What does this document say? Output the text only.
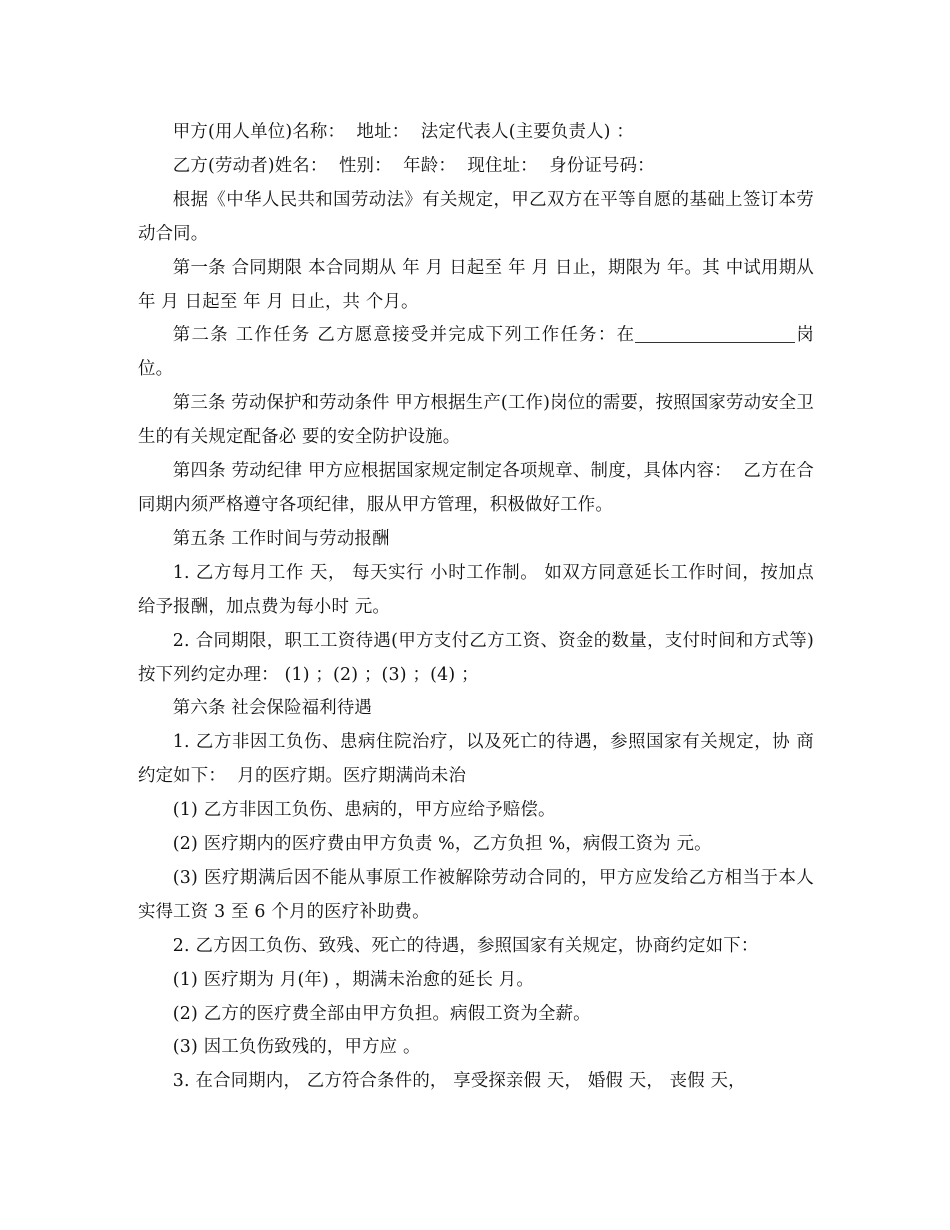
甲方(用人单位)名称：  地址：  法定代表人(主要负责人) ：

乙方(劳动者)姓名：  性别：  年龄：  现住址：  身份证号码：

根据《中华人民共和国劳动法》有关规定，甲乙双方在平等自愿的基础上签订本劳动合同。

第一条 合同期限 本合同期从 年 月 日起至 年 月 日止，期限为 年。其 中试用期从 年 月 日起至 年 月 日止，共 个月。

第二条 工作任务 乙方愿意接受并完成下列工作任务：在	岗位。

第三条 劳动保护和劳动条件 甲方根据生产(工作)岗位的需要，按照国家劳动安全卫生的有关规定配备必 要的安全防护设施。

第四条 劳动纪律 甲方应根据国家规定制定各项规章、制度，具体内容：  乙方在合同期内须严格遵守各项纪律，服从甲方管理，积极做好工作。

第五条 工作时间与劳动报酬

1. 乙方每月工作 天， 每天实行 小时工作制。 如双方同意延长工作时间，按加点给予报酬，加点费为每小时 元。

2. 合同期限，职工工资待遇(甲方支付乙方工资、资金的数量，支付时间和方式等)按下列约定办理： (1) ；(2) ；(3) ；(4) ；

第六条 社会保险福利待遇

1. 乙方非因工负伤、患病住院治疗，以及死亡的待遇，参照国家有关规定，协 商约定如下：  月的医疗期。医疗期满尚未治

(1) 乙方非因工负伤、患病的，甲方应给予赔偿。

(2) 医疗期内的医疗费由甲方负责 %，乙方负担 %，病假工资为 元。

(3) 医疗期满后因不能从事原工作被解除劳动合同的，甲方应发给乙方相当于本人实得工资 3 至 6 个月的医疗补助费。

2. 乙方因工负伤、致残、死亡的待遇，参照国家有关规定，协商约定如下：

(1) 医疗期为 月(年) ，期满未治愈的延长 月。

(2) 乙方的医疗费全部由甲方负担。病假工资为全薪。

(3) 因工负伤致残的，甲方应 。

3. 在合同期内， 乙方符合条件的， 享受探亲假 天， 婚假 天， 丧假 天，
